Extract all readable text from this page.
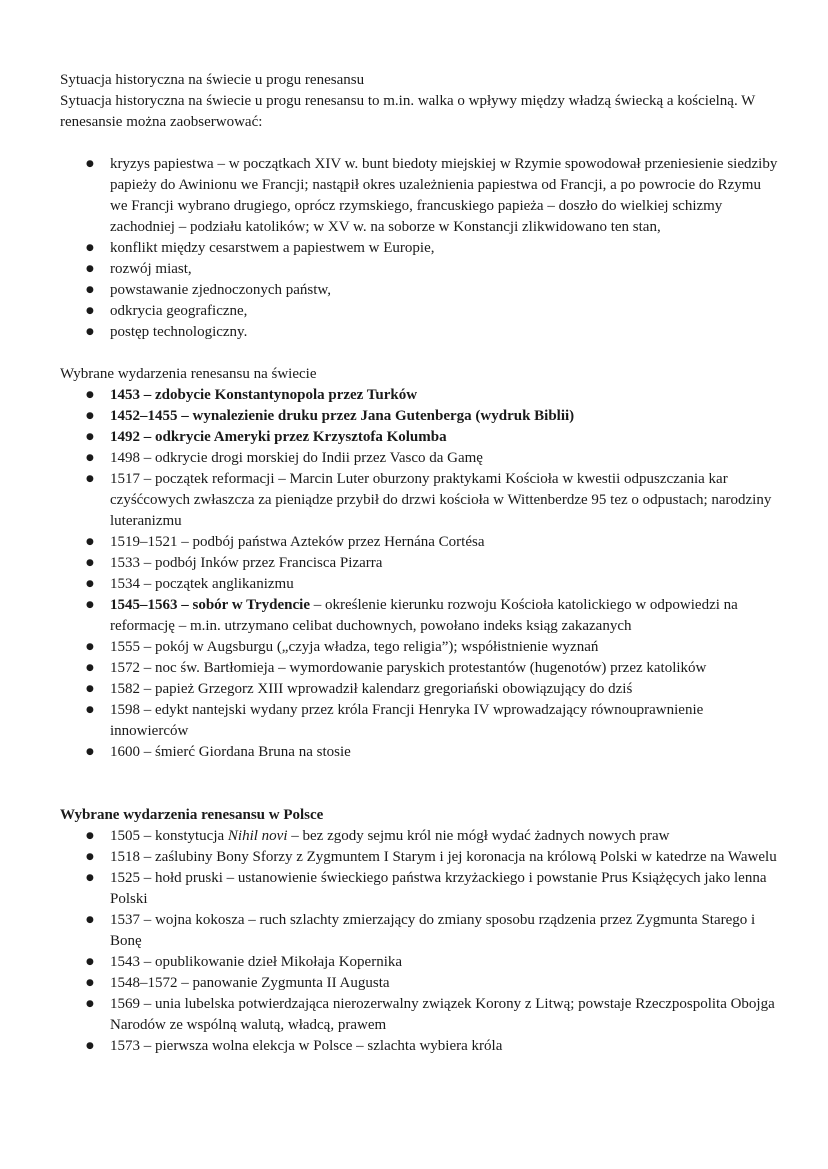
Sytuacja historyczna na świecie u progu renesansu

Sytuacja historyczna na świecie u progu renesansu to m.in. walka o wpływy między władzą świecką a kościelną. W renesansie można zaobserwować:

● kryzys papiestwa – w początkach XIV w. bunt biedoty miejskiej w Rzymie spowodował przeniesienie siedziby papieży do Awinionu we Francji; nastąpił okres uzależnienia papiestwa od Francji, a po powrocie do Rzymu we Francji wybrano drugiego, oprócz rzymskiego, francuskiego papieża – doszło do wielkiej schizmy zachodniej – podziału katolików; w XV w. na soborze w Konstancji zlikwidowano ten stan,
● konflikt między cesarstwem a papiestwem w Europie,
● rozwój miast,
● powstawanie zjednoczonych państw,
● odkrycia geograficzne,
● postęp technologiczny.

Wybrane wydarzenia renesansu na świecie

● 1453 – zdobycie Konstantynopola przez Turków
● 1452–1455 – wynalezienie druku przez Jana Gutenberga (wydruk Biblii)
● 1492 – odkrycie Ameryki przez Krzysztofa Kolumba
● 1498 – odkrycie drogi morskiej do Indii przez Vasco da Gamę
● 1517 – początek reformacji – Marcin Luter oburzony praktykami Kościoła w kwestii odpuszczania kar czyśćcowych zwłaszcza za pieniądze przybił do drzwi kościoła w Wittenberdze 95 tez o odpustach; narodziny luteranizmu
● 1519–1521 – podbój państwa Azteków przez Hernána Cortésa
● 1533 – podbój Inków przez Francisca Pizarra
● 1534 – początek anglikanizmu
● 1545–1563 – sobór w Trydencie – określenie kierunku rozwoju Kościoła katolickiego w odpowiedzi na reformację – m.in. utrzymano celibat duchownych, powołano indeks ksiąg zakazanych
● 1555 – pokój w Augsburgu („czyja władza, tego religia”); współistnienie wyznań
● 1572 – noc św. Bartłomieja – wymordowanie paryskich protestantów (hugenotów) przez katolików
● 1582 – papież Grzegorz XIII wprowadził kalendarz gregoriański obowiązujący do dziś
● 1598 – edykt nantejski wydany przez króla Francji Henryka IV wprowadzający równouprawnienie innowierców
● 1600 – śmierć Giordana Bruna na stosie

Wybrane wydarzenia renesansu w Polsce

● 1505 – konstytucja Nihil novi – bez zgody sejmu król nie mógł wydać żadnych nowych praw
● 1518 – zaślubiny Bony Sforzy z Zygmuntem I Starym i jej koronacja na królową Polski w katedrze na Wawelu
● 1525 – hołd pruski – ustanowienie świeckiego państwa krzyżackiego i powstanie Prus Książęcych jako lenna Polski
● 1537 – wojna kokosza – ruch szlachty zmierzający do zmiany sposobu rządzenia przez Zygmunta Starego i Bonę
● 1543 – opublikowanie dzieł Mikołaja Kopernika
● 1548–1572 – panowanie Zygmunta II Augusta
● 1569 – unia lubelska potwierdzająca nierozerwalny związek Korony z Litwą; powstaje Rzeczpospolita Obojga Narodów ze wspólną walutą, władcą, prawem
● 1573 – pierwsza wolna elekcja w Polsce – szlachta wybiera króla
